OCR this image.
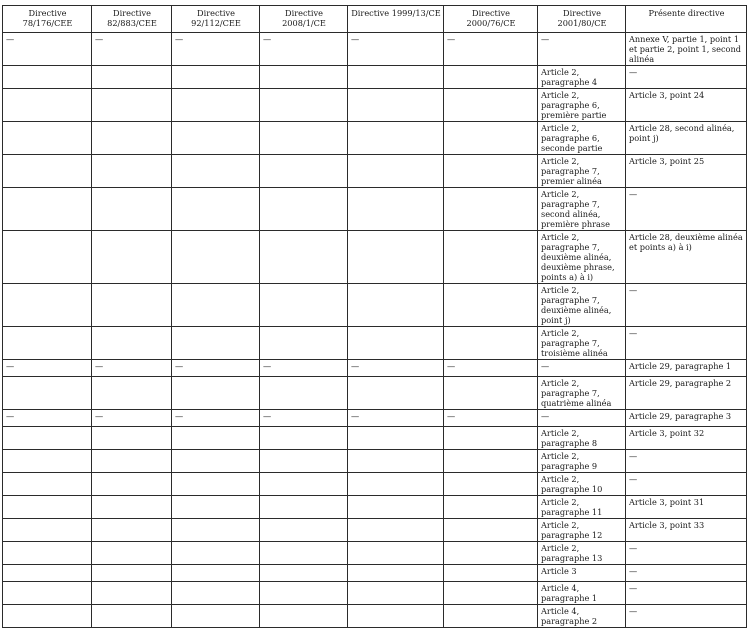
Directive 78/176/CEE	Directive 82/883/CEE	Directive 92/112/CEE	Directive 2008/1/CE	Directive 1999/13/CE	Directive 2000/76/CE	Directive 2001/80/CE	Présente directive
—	—	—	—	—	—	—	Annexe V, partie 1, point 1 et partie 2, point 1, second alinéa
						Article 2, paragraphe 4	—
						Article 2, paragraphe 6, première partie	Article 3, point 24
						Article 2, paragraphe 6, seconde partie	Article 28, second alinéa, point j)
						Article 2, paragraphe 7, premier alinéa	Article 3, point 25
						Article 2, paragraphe 7, second alinéa, première phrase	—
						Article 2, paragraphe 7, deuxième alinéa, deuxième phrase, points a) à i)	Article 28, deuxième alinéa et points a) à i)
						Article 2, paragraphe 7, deuxième alinéa, point j)	—
						Article 2, paragraphe 7, troisième alinéa	—
—	—	—	—	—	—	—	Article 29, paragraphe 1
						Article 2, paragraphe 7, quatrième alinéa	Article 29, paragraphe 2
—	—	—	—	—	—	—	Article 29, paragraphe 3
						Article 2, paragraphe 8	Article 3, point 32
						Article 2, paragraphe 9	—
						Article 2, paragraphe 10	—
						Article 2, paragraphe 11	Article 3, point 31
						Article 2, paragraphe 12	Article 3, point 33
						Article 2, paragraphe 13	—
						Article 3	—
						Article 4, paragraphe 1	—
						Article 4, paragraphe 2	—
